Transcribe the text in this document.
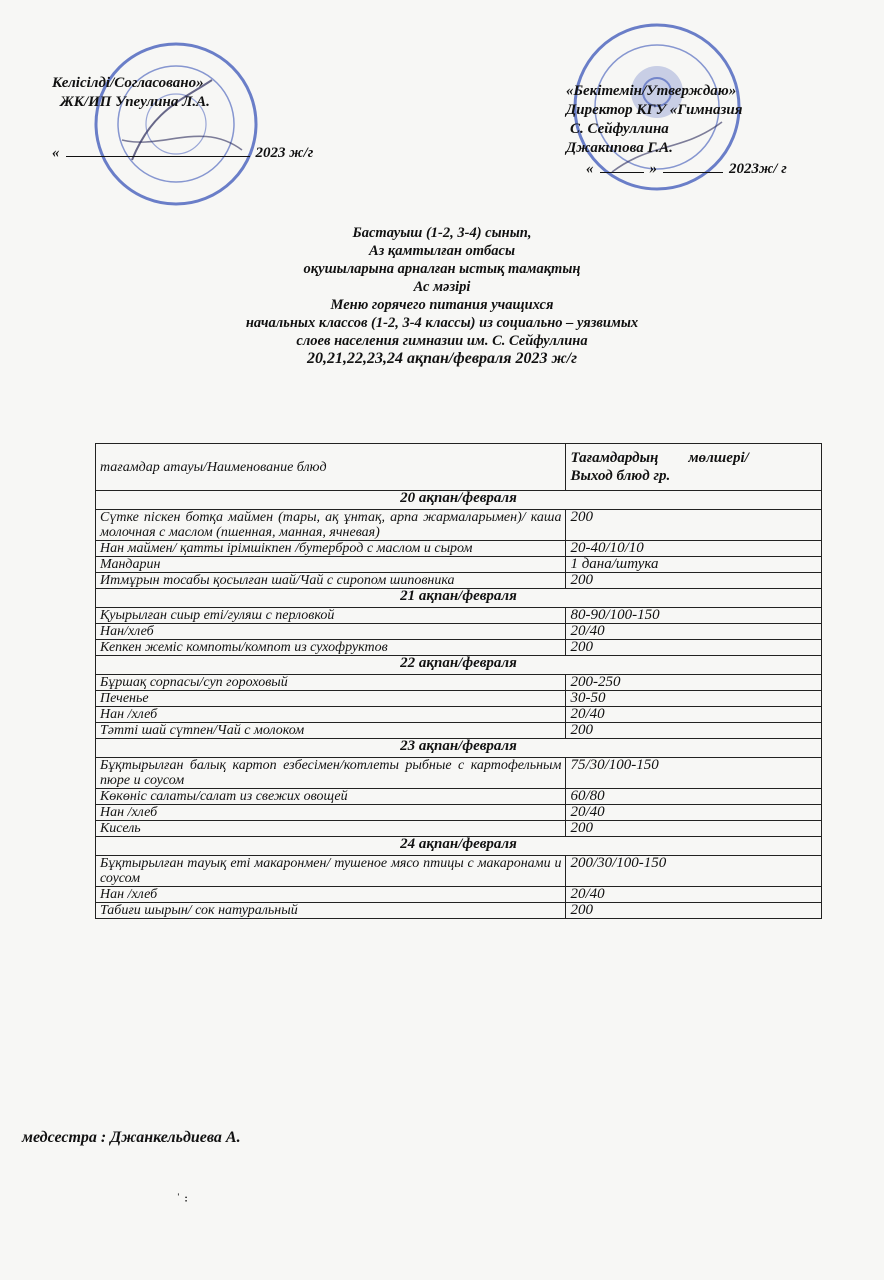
Келісілді/Согласовано»
ЖК/ИП Упеулина Л.А.
«	2023 ж/г
«Бекітемін/Утверждаю»
Директор КГУ «Гимназия
С. Сейфуллина
Джакипова Г.А.
«	»	2023ж/ г
Бастауыш (1-2, 3-4) сынып,
Аз қамтылған отбасы
оқушыларына арналған ыстық тамақтың
Ас мәзірі
Меню горячего питания учащихся
начальных классов (1-2, 3-4 классы) из социально – уязвимых
слоев населения гимназии им. С. Сейфуллина
20,21,22,23,24 ақпан/февраля 2023 ж/г
тағамдар атауы/Наименование блюд	Тағамдардың        мөлшері/
Выход блюд гр.

20 ақпан/февраля	
Сүтке піскен ботқа маймен (тары, ақ ұнтақ, арпа жармаларымен)/ каша молочная с маслом (пшенная, манная, ячневая)	200
Нан маймен/ қатты ірімшікпен /бутерброд с маслом и сыром	20-40/10/10
Мандарин	1 дана/штука
Итмұрын тосабы қосылған шай/Чай с сиропом шиповника	200
21 ақпан/февраля	
Қуырылған сиыр еті/гуляш с перловкой	80-90/100-150
Нан/хлеб	20/40
Кепкен жеміс компоты/компот из сухофруктов	200
22 ақпан/февраля	
Бұршақ сорпасы/суп гороховый	200-250
Печенье	30-50
Нан /хлеб	20/40
Тәтті шай сүтпен/Чай с молоком	200
23 ақпан/февраля	
Бұқтырылған балық картоп езбесімен/котлеты рыбные с картофельным пюре и соусом	75/30/100-150
Көкөніс салаты/салат из свежих овощей	60/80
Нан /хлеб	20/40
Кисель	200
24 ақпан/февраля	
Бұқтырылған тауық еті макаронмен/ тушеное мясо птицы с макаронами и соусом	200/30/100-150
Нан /хлеб	20/40
Табиғи шырын/ сок натуральный	200
медсестра : Джанкельдиева А.
ˈ ꞉
